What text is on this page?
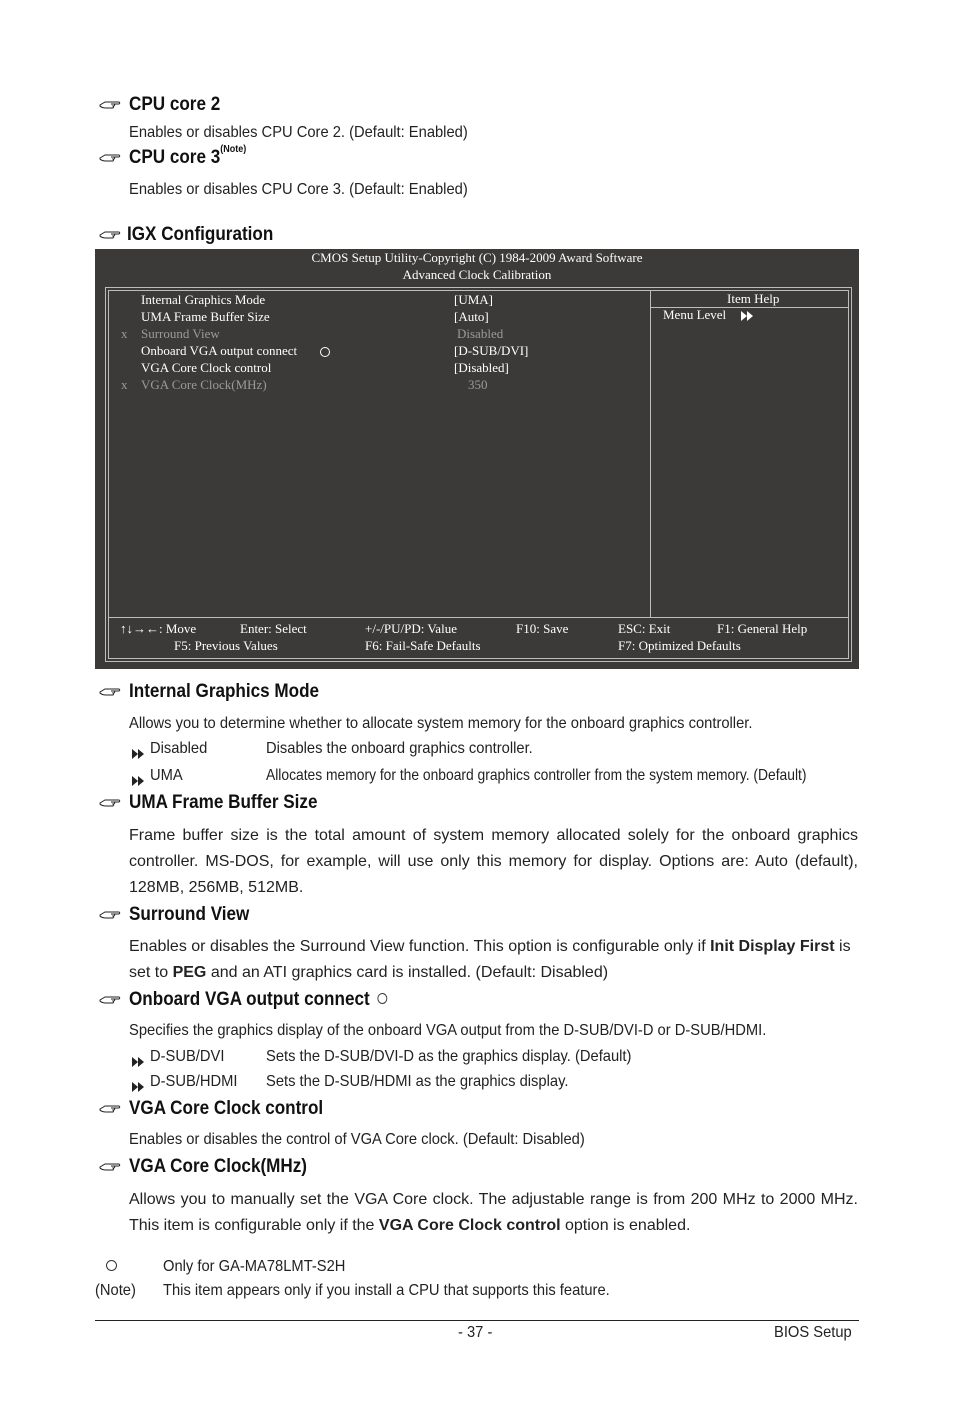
CPU core 2
Enables or disables CPU Core 2. (Default: Enabled)
CPU core $3^{(Note)}$
Enables or disables CPU Core 3. (Default: Enabled)
IGX Configuration
CMOS Setup Utility-Copyright (C) 1984-2009 Award Software
Advanced Clock Calibration
Item Help
Menu Level
Internal Graphics Mode	[UMA]
UMA Frame Buffer Size	[Auto]
x Surround View	Disabled
Onboard VGA output connect	[D-SUB/DVI]
VGA Core Clock control	[Disabled]
x VGA Core Clock(MHz)	350
↑↓→←: Move	Enter: Select	+/-/PU/PD: Value	F10: Save	ESC: Exit	F1: General Help
F5: Previous Values	F6: Fail-Safe Defaults	F7: Optimized Defaults
Internal Graphics Mode
Allows you to determine whether to allocate system memory for the onboard graphics controller.
Disabled	Disables the onboard graphics controller.
UMA	Allocates memory for the onboard graphics controller from the system memory. (Default)
UMA Frame Buffer Size
Frame buffer size is the total amount of system memory allocated solely for the onboard graphics controller. MS-DOS, for example, will use only this memory for display. Options are: Auto (default), 128MB, 256MB, 512MB.
Surround View
Enables or disables the Surround View function. This option is configurable only if Init Display First is set to PEG and an ATI graphics card is installed. (Default: Disabled)
Onboard VGA output connect
Specifies the graphics display of the onboard VGA output from the D-SUB/DVI-D or D-SUB/HDMI.
D-SUB/DVI	Sets the D-SUB/DVI-D as the graphics display. (Default)
D-SUB/HDMI Sets the D-SUB/HDMI as the graphics display.
VGA Core Clock control
Enables or disables the control of VGA Core clock. (Default: Disabled)
VGA Core Clock(MHz)
Allows you to manually set the VGA Core clock. The adjustable range is from 200 MHz to 2000 MHz. This item is configurable only if the VGA Core Clock control option is enabled.
Only for GA-MA78LMT-S2H
(Note) This item appears only if you install a CPU that supports this feature.
- 37 -	BIOS Setup
